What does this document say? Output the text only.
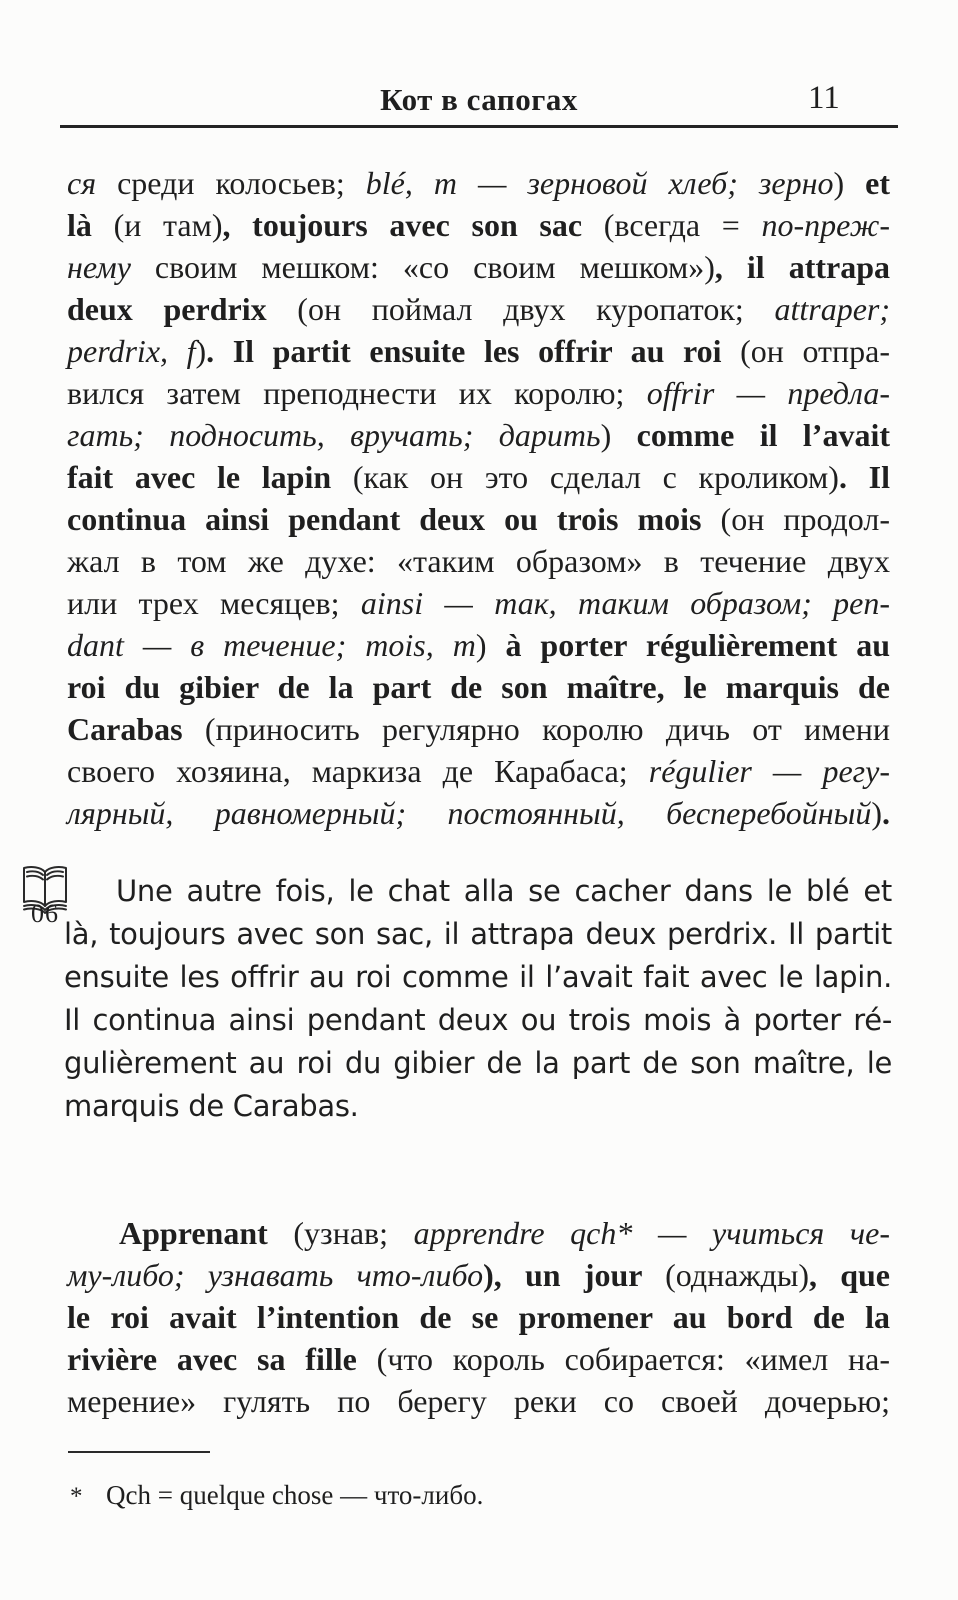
Кот в сапогах	11
ся среди колосьев; blé, m — зерновой хлеб; зерно) et
là (и там), toujours avec son sac (всегда = по-преж-
нему своим мешком: «со своим мешком»), il attrapa
deux perdrix (он поймал двух куропаток; attraper;
perdrix, f). Il partit ensuite les offrir au roi (он отпра-
вился затем преподнести их королю; offrir — предла-
гать; подносить, вручать; дарить) comme il l’avait
fait avec le lapin (как он это сделал с кроликом). Il
continua ainsi pendant deux ou trois mois (он продол-
жал в том же духе: «таким образом» в течение двух
или трех месяцев; ainsi — так, таким образом; pen-
dant — в течение; mois, m) à porter régulièrement au
roi du gibier de la part de son maître, le marquis de
Carabas (приносить регулярно королю дичь от имени
своего хозяина, маркиза де Карабаса; régulier — регу-
лярный, равномерный; постоянный, бесперебойный).
06
Une autre fois, le chat alla se cacher dans le blé et
là, toujours avec son sac, il attrapa deux perdrix. Il partit
ensuite les offrir au roi comme il l’avait fait avec le lapin.
Il continua ainsi pendant deux ou trois mois à porter ré-
gulièrement au roi du gibier de la part de son maître, le
marquis de Carabas.
Apprenant (узнав; apprendre qch* — учиться че-
му-либо; узнавать что-либо), un jour (однажды), que
le roi avait l’intention de se promener au bord de la
rivière avec sa fille (что король собирается: «имел на-
мерение» гулять по берегу реки со своей дочерью;
* Qch = quelque chose — что-либо.
